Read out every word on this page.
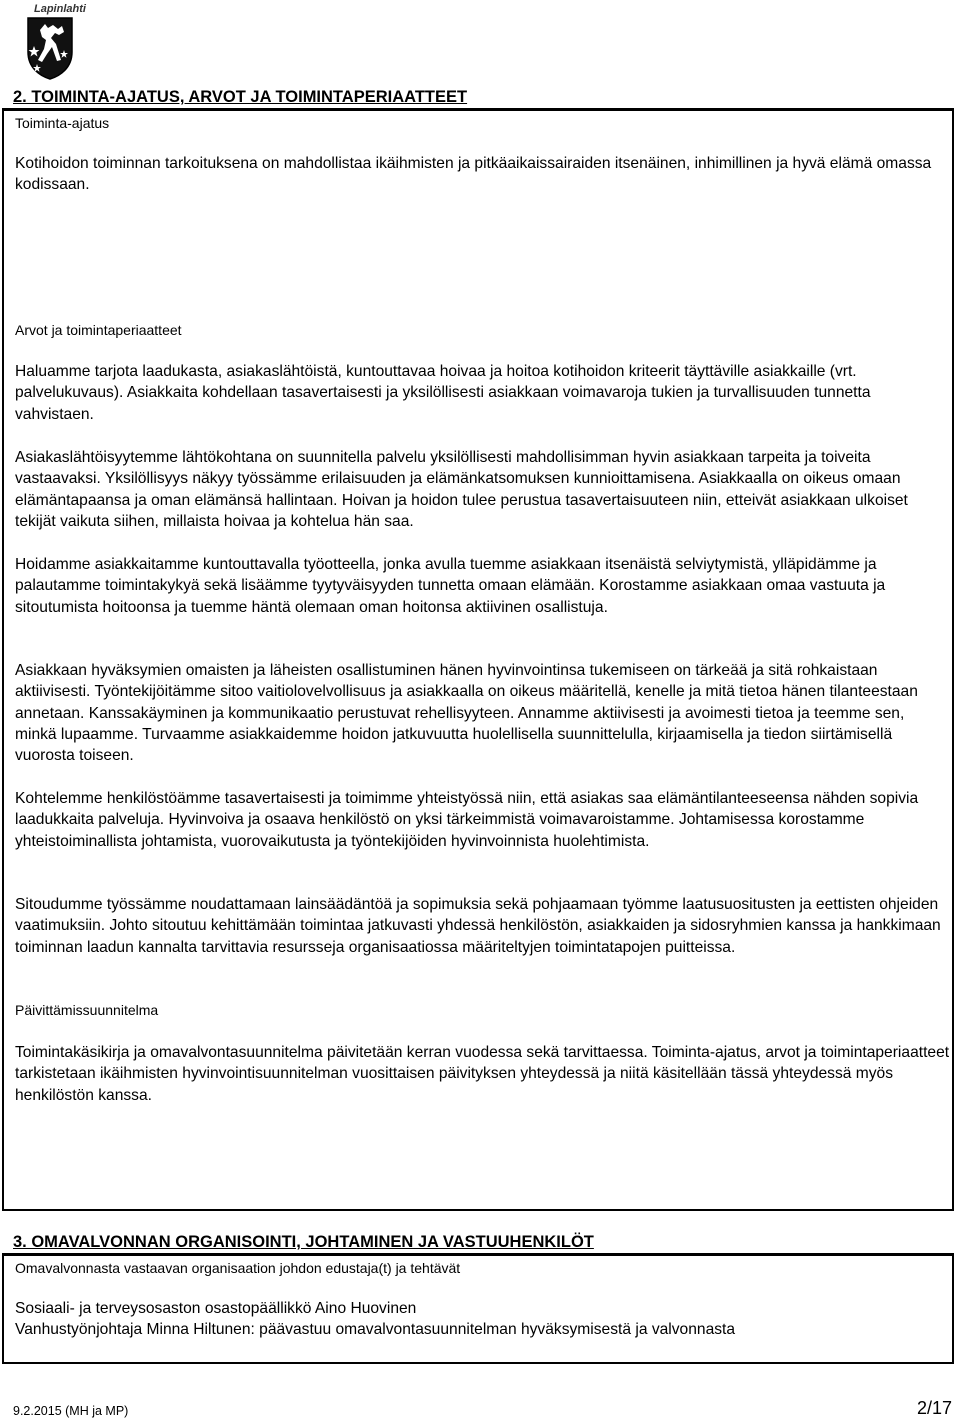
Lapinlahti
2. TOIMINTA-AJATUS, ARVOT JA TOIMINTAPERIAATTEET
Toiminta-ajatus

Kotihoidon toiminnan tarkoituksena on mahdollistaa ikäihmisten ja pitkäaikaissairaiden itsenäinen, inhimillinen ja hyvä elämä omassa kodissaan.

Arvot ja toimintaperiaatteet

Haluamme tarjota laadukasta, asiakaslähtöistä, kuntouttavaa hoivaa ja hoitoa kotihoidon kriteerit täyttäville asiakkaille (vrt. palvelukuvaus). Asiakkaita kohdellaan tasavertaisesti ja yksilöllisesti asiakkaan voimavaroja tukien ja turvallisuuden tunnetta vahvistaen.

Asiakaslähtöisyytemme lähtökohtana on suunnitella palvelu yksilöllisesti mahdollisimman hyvin asiakkaan tarpeita ja toiveita vastaavaksi. Yksilöllisyys näkyy työssämme erilaisuuden ja elämänkatsomuksen kunnioittamisena. Asiakkaalla on oikeus omaan elämäntapaansa ja oman elämänsä hallintaan. Hoivan ja hoidon tulee perustua tasavertaisuuteen niin, etteivät asiakkaan ulkoiset tekijät vaikuta siihen, millaista hoivaa ja kohtelua hän saa.

Hoidamme asiakkaitamme kuntouttavalla työotteella, jonka avulla tuemme asiakkaan itsenäistä selviytymistä, ylläpidämme ja palautamme toimintakykyä sekä lisäämme tyytyväisyyden tunnetta omaan elämään. Korostamme asiakkaan omaa vastuuta ja sitoutumista hoitoonsa ja tuemme häntä olemaan oman hoitonsa aktiivinen osallistuja.

Asiakkaan hyväksymien omaisten ja läheisten osallistuminen hänen hyvinvointinsa tukemiseen on tärkeää ja sitä rohkaistaan aktiivisesti. Työntekijöitämme sitoo vaitiolovelvollisuus ja asiakkaalla on oikeus määritellä, kenelle ja mitä tietoa hänen tilanteestaan annetaan. Kanssakäyminen ja kommunikaatio perustuvat rehellisyyteen. Annamme aktiivisesti ja avoimesti tietoa ja teemme sen, minkä lupaamme. Turvaamme asiakkaidemme hoidon jatkuvuutta huolellisella suunnittelulla, kirjaamisella ja tiedon siirtämisellä vuorosta toiseen.

Kohtelemme henkilöstöämme tasavertaisesti ja toimimme yhteistyössä niin, että asiakas saa elämäntilanteeseensa nähden sopivia laadukkaita palveluja. Hyvinvoiva ja osaava henkilöstö on yksi tärkeimmistä voimavaroistamme. Johtamisessa korostamme yhteistoiminallista johtamista, vuorovaikutusta ja työntekijöiden hyvinvoinnista huolehtimista.

Sitoudumme työssämme noudattamaan lainsäädäntöä ja sopimuksia sekä pohjaamaan työmme laatusuositusten ja eettisten ohjeiden vaatimuksiin. Johto sitoutuu kehittämään toimintaa jatkuvasti yhdessä henkilöstön, asiakkaiden ja sidosryhmien kanssa ja hankkimaan toiminnan laadun kannalta tarvittavia resursseja organisaatiossa määriteltyjen toimintatapojen puitteissa.

Päivittämissuunnitelma

Toimintakäsikirja ja omavalvontasuunnitelma päivitetään kerran vuodessa sekä tarvittaessa. Toiminta-ajatus, arvot ja toimintaperiaatteet tarkistetaan ikäihmisten hyvinvointisuunnitelman vuosittaisen päivityksen yhteydessä ja niitä käsitellään tässä yhteydessä myös henkilöstön kanssa.

3. OMAVALVONNAN ORGANISOINTI, JOHTAMINEN JA VASTUUHENKILÖT
Omavalvonnasta vastaavan organisaation johdon edustaja(t) ja tehtävät

Sosiaali- ja terveysosaston osastopäällikkö Aino Huovinen

Vanhustyönjohtaja Minna Hiltunen: päävastuu omavalvontasuunnitelman hyväksymisestä ja valvonnasta

9.2.2015 (MH ja MP)	2/17
